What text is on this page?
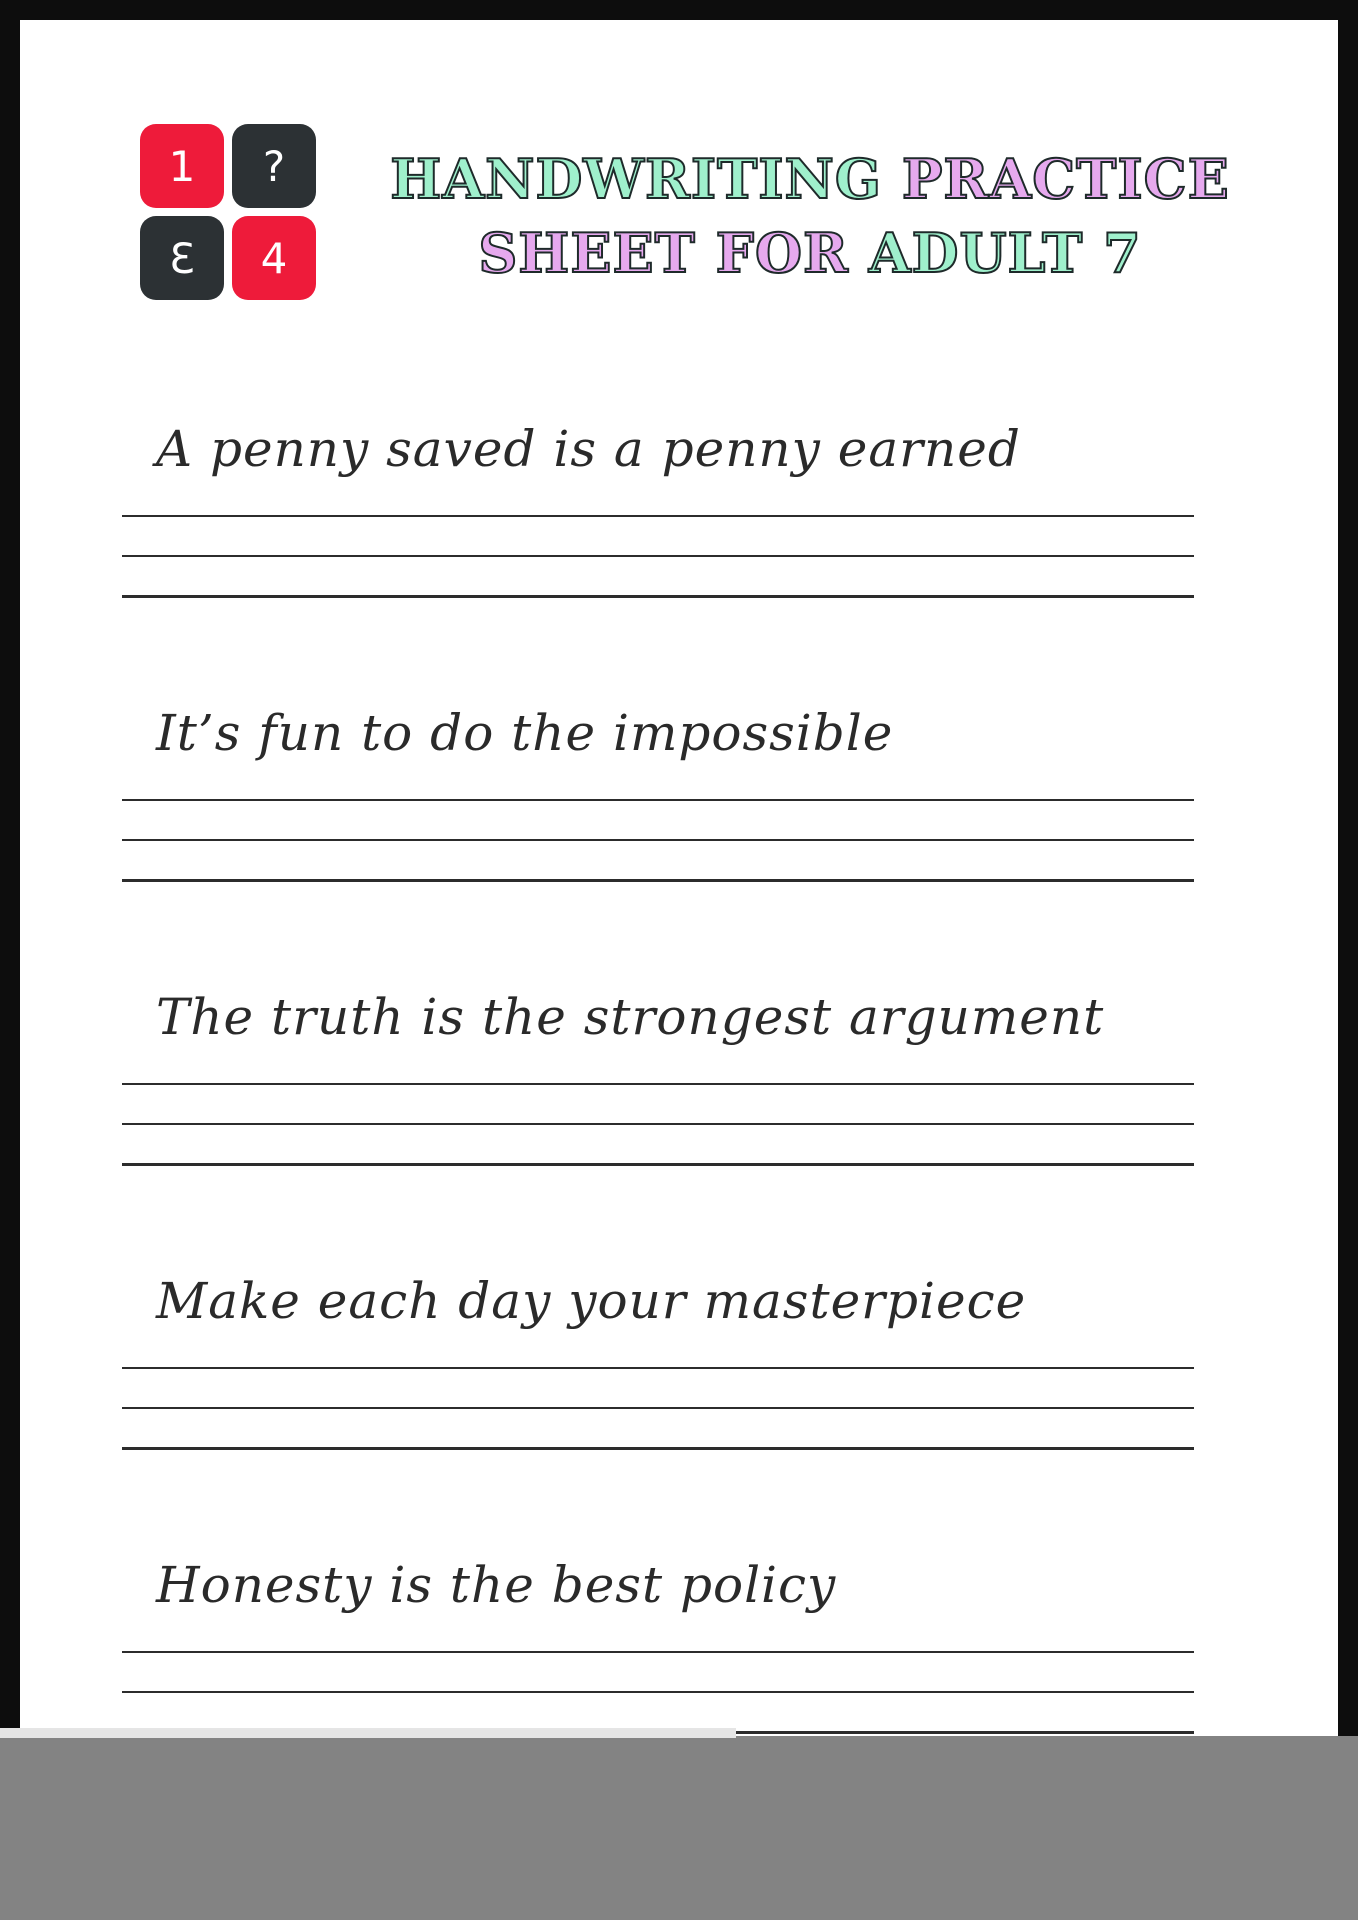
1	?
3	4
HANDWRITING PRACTICE
SHEET FOR ADULT 7
A penny saved is a penny earned
It’s fun to do the impossible
The truth is the strongest argument
Make each day your masterpiece
Honesty is the best policy
